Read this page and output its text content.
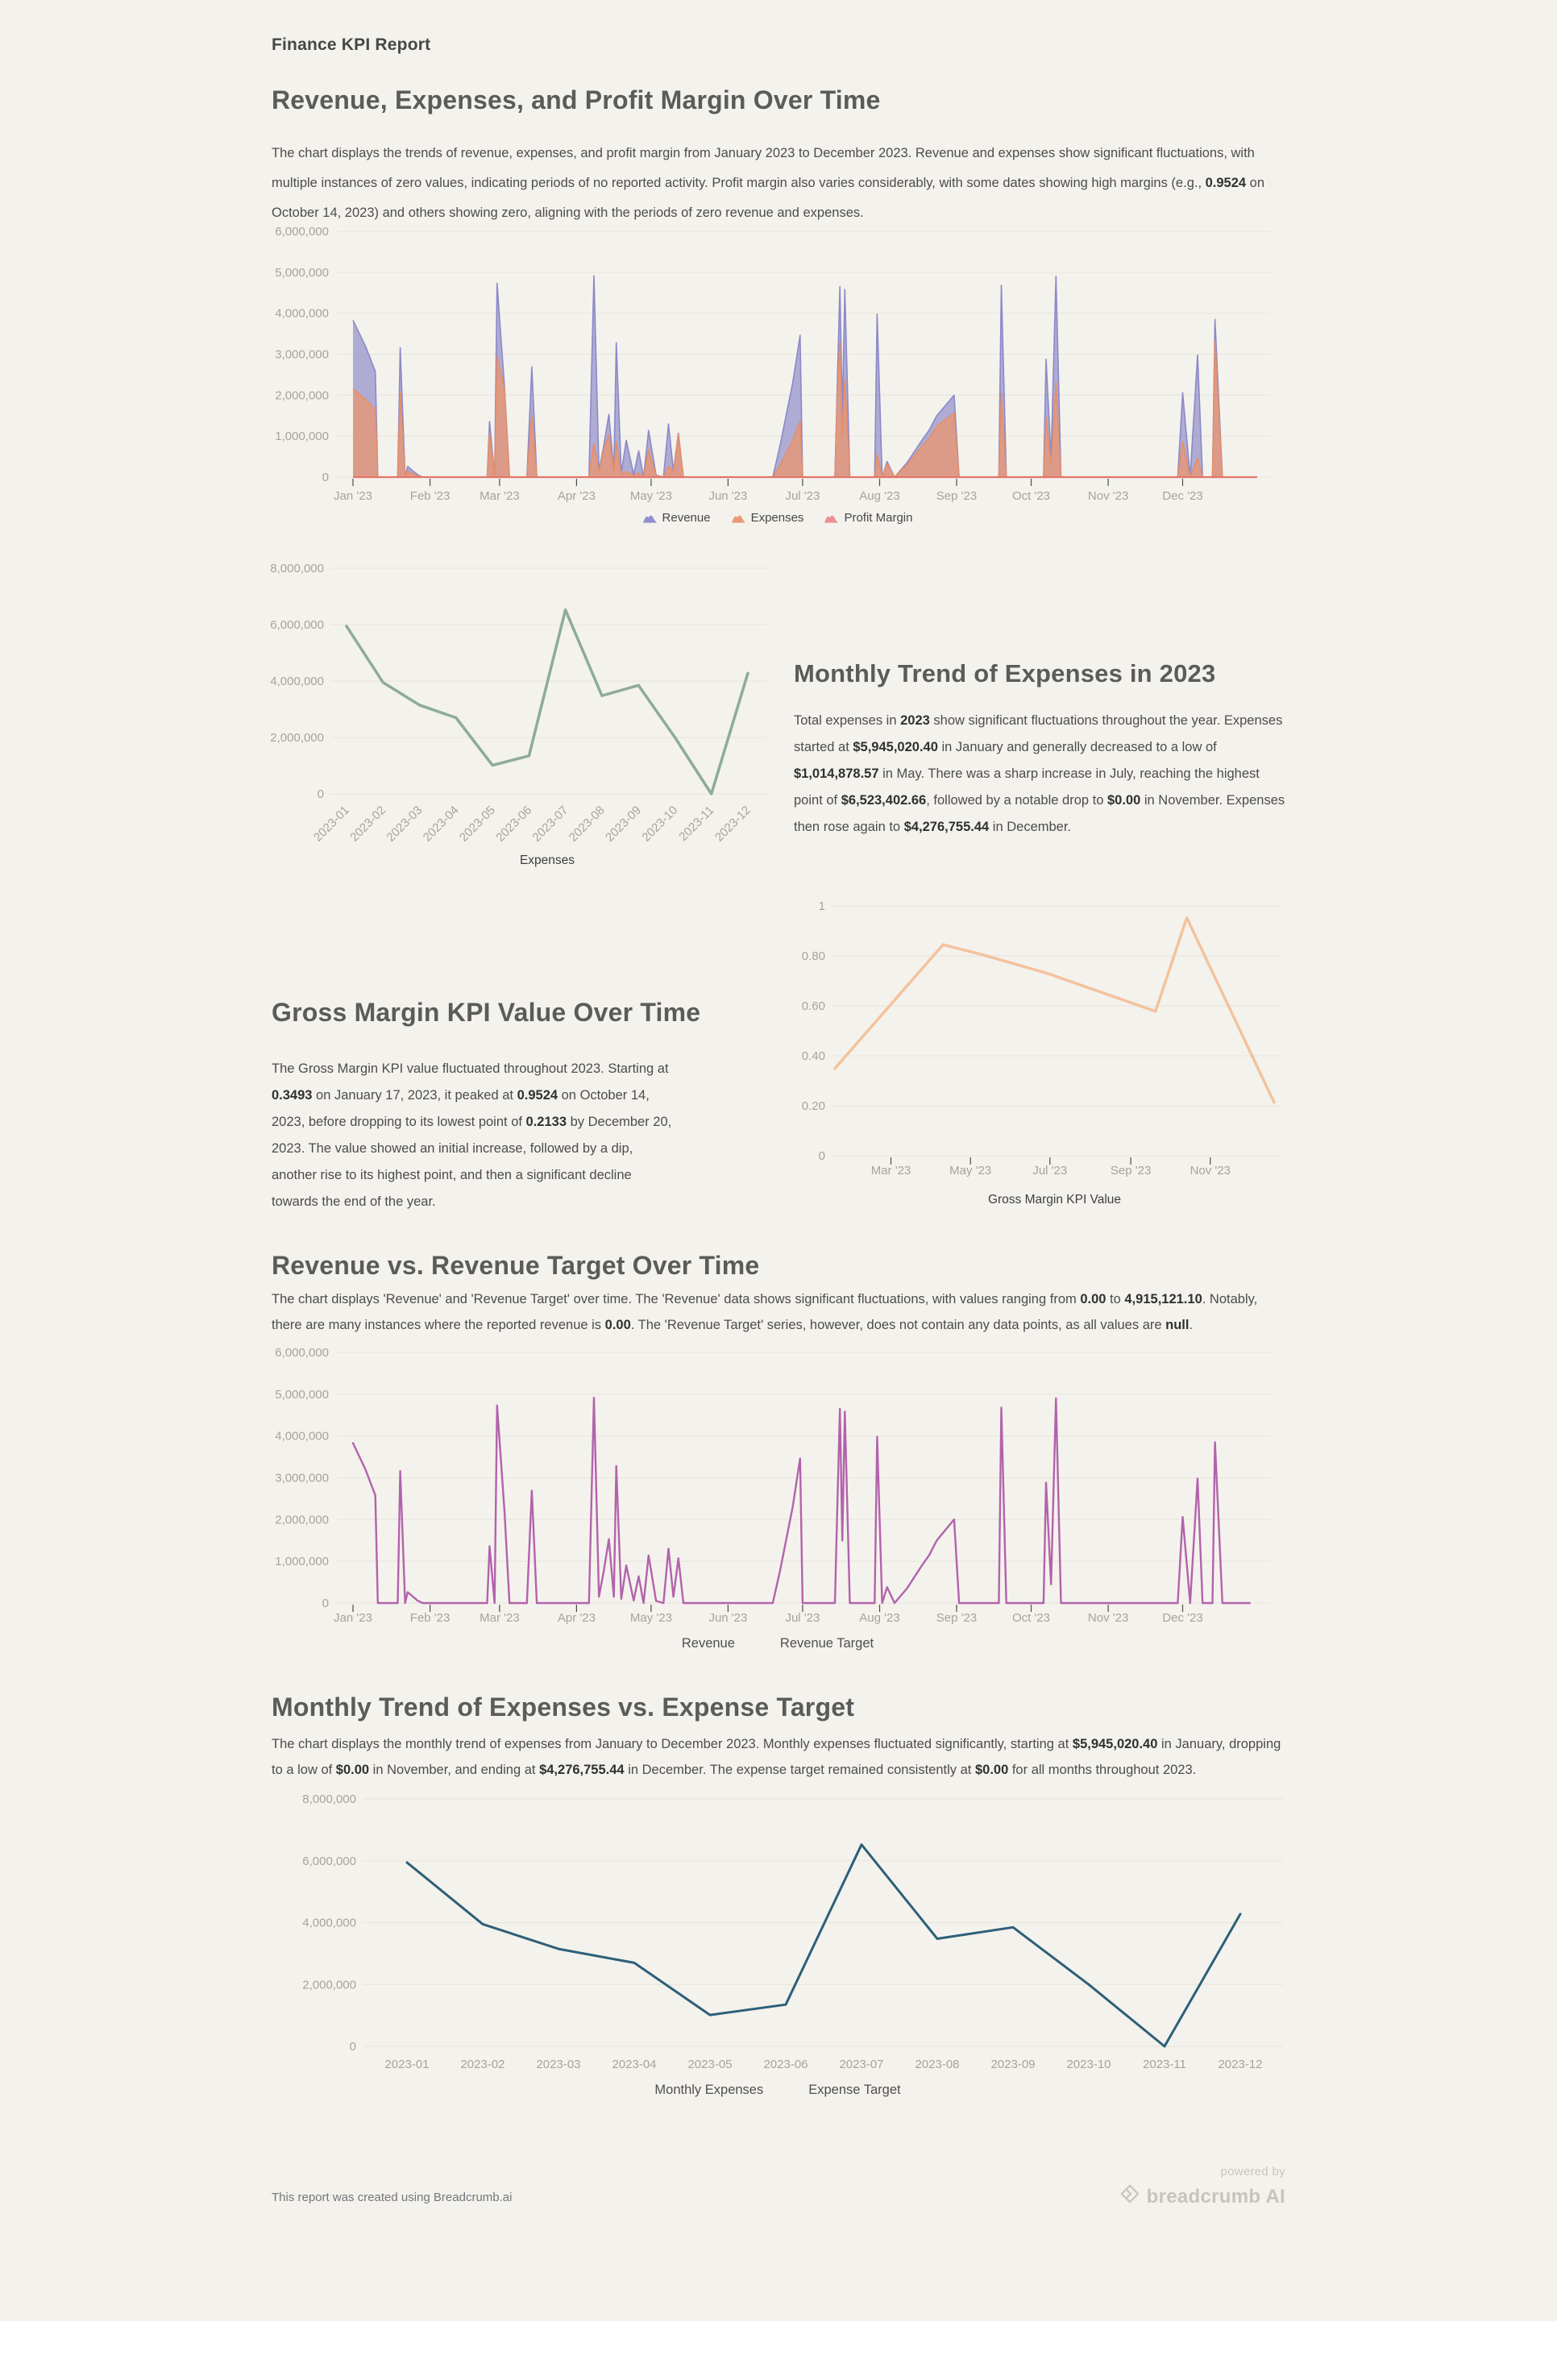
Finance KPI Report
Revenue, Expenses, and Profit Margin Over Time

The chart displays the trends of revenue, expenses, and profit margin from January 2023 to December 2023. Revenue and expenses show significant fluctuations, with multiple instances of zero values, indicating periods of no reported activity. Profit margin also varies considerably, with some dates showing high margins (e.g., 0.9524 on October 14, 2023) and others showing zero, aligning with the periods of zero revenue and expenses.

0
1,000,000
2,000,000
3,000,000
4,000,000
5,000,000
6,000,000
Jan '23	Feb '23 Mar '23	Apr '23	May '23	Jun '23	Jul '23	Aug '23	Sep '23	Oct '23	Nov '23	Dec '23
Revenue	Expenses	Profit Margin
0
2,000,000
4,000,000
6,000,000
8,000,000
2023-01
2023-02
2023-03
2023-04
2023-05
2023-06
2023-07
2023-08
2023-09
2023-10
2023-11
2023-12
Expenses
Monthly Trend of Expenses in 2023

Total expenses in 2023 show significant fluctuations throughout the year. Expenses started at $5,945,020.40 in January and generally decreased to a low of $1,014,878.57 in May. There was a sharp increase in July, reaching the highest point of $6,523,402.66, followed by a notable drop to $0.00 in November. Expenses then rose again to $4,276,755.44 in December.

Gross Margin KPI Value Over Time

The Gross Margin KPI value fluctuated throughout 2023. Starting at 0.3493 on January 17, 2023, it peaked at 0.9524 on October 14, 2023, before dropping to its lowest point of 0.2133 by December 20, 2023. The value showed an initial increase, followed by a dip, another rise to its highest point, and then a significant decline towards the end of the year.

0
0.20
0.40
0.60
0.80
1
Mar '23	May '23	Jul '23	Sep '23	Nov '23
Gross Margin KPI Value
Revenue vs. Revenue Target Over Time

The chart displays 'Revenue' and 'Revenue Target' over time. The 'Revenue' data shows significant fluctuations, with values ranging from 0.00 to 4,915,121.10. Notably, there are many instances where the reported revenue is 0.00. The 'Revenue Target' series, however, does not contain any data points, as all values are null.

0
1,000,000
2,000,000
3,000,000
4,000,000
5,000,000
6,000,000
Jan '23	Feb '23 Mar '23	Apr '23	May '23	Jun '23	Jul '23	Aug '23	Sep '23	Oct '23	Nov '23	Dec '23
Revenue	Revenue Target
Monthly Trend of Expenses vs. Expense Target

The chart displays the monthly trend of expenses from January to December 2023. Monthly expenses fluctuated significantly, starting at $5,945,020.40 in January, dropping to a low of $0.00 in November, and ending at $4,276,755.44 in December. The expense target remained consistently at $0.00 for all months throughout 2023.

0
2,000,000
4,000,000
6,000,000
8,000,000
2023-01	2023-02	2023-03	2023-04	2023-05	2023-06	2023-07	2023-08	2023-09	2023-10	2023-11	2023-12
Monthly Expenses	Expense Target
This report was created using Breadcrumb.ai
powered by
breadcrumb AI
